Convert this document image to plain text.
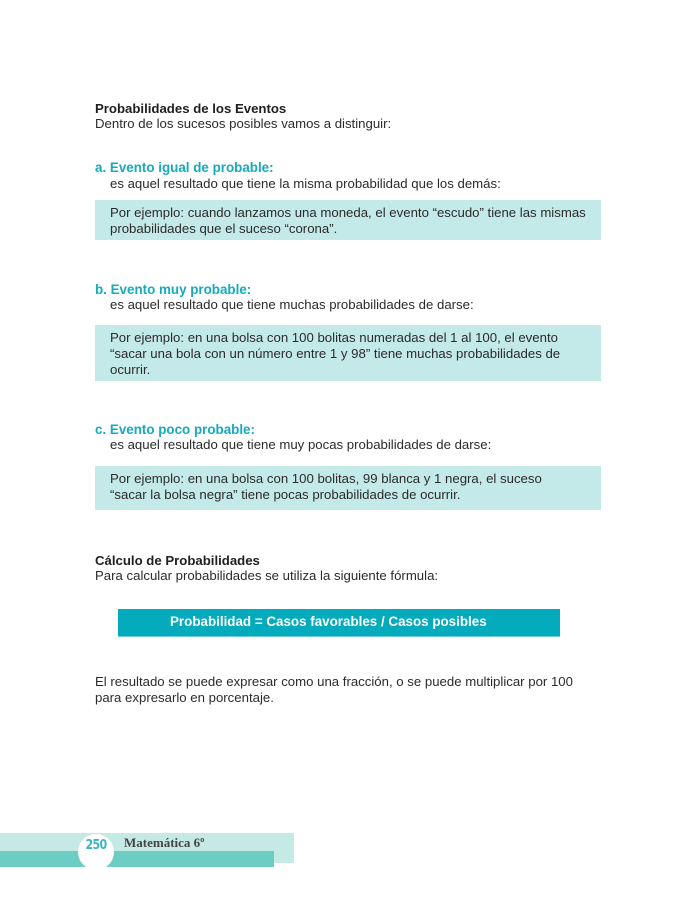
Probabilidades de los Eventos
Dentro de los sucesos posibles vamos a distinguir:
a. Evento igual de probable:
es aquel resultado que tiene la misma probabilidad que los demás:
Por ejemplo: cuando lanzamos una moneda, el evento “escudo” tiene las mismas
probabilidades que el suceso “corona”.
b. Evento muy probable:
es aquel resultado que tiene muchas probabilidades de darse:
Por ejemplo: en una bolsa con 100 bolitas numeradas del 1 al 100, el evento
“sacar una bola con un número entre 1 y 98” tiene muchas probabilidades de
ocurrir.
c. Evento poco probable:
es aquel resultado que tiene muy pocas probabilidades de darse:
Por ejemplo: en una bolsa con 100 bolitas, 99 blanca y 1 negra, el suceso
“sacar la bolsa negra” tiene pocas probabilidades de ocurrir.
Cálculo de Probabilidades
Para calcular probabilidades se utiliza la siguiente fórmula:
Probabilidad = Casos favorables / Casos posibles
El resultado se puede expresar como una fracción, o se puede multiplicar por 100
para expresarlo en porcentaje.
250	Matemática 6º
